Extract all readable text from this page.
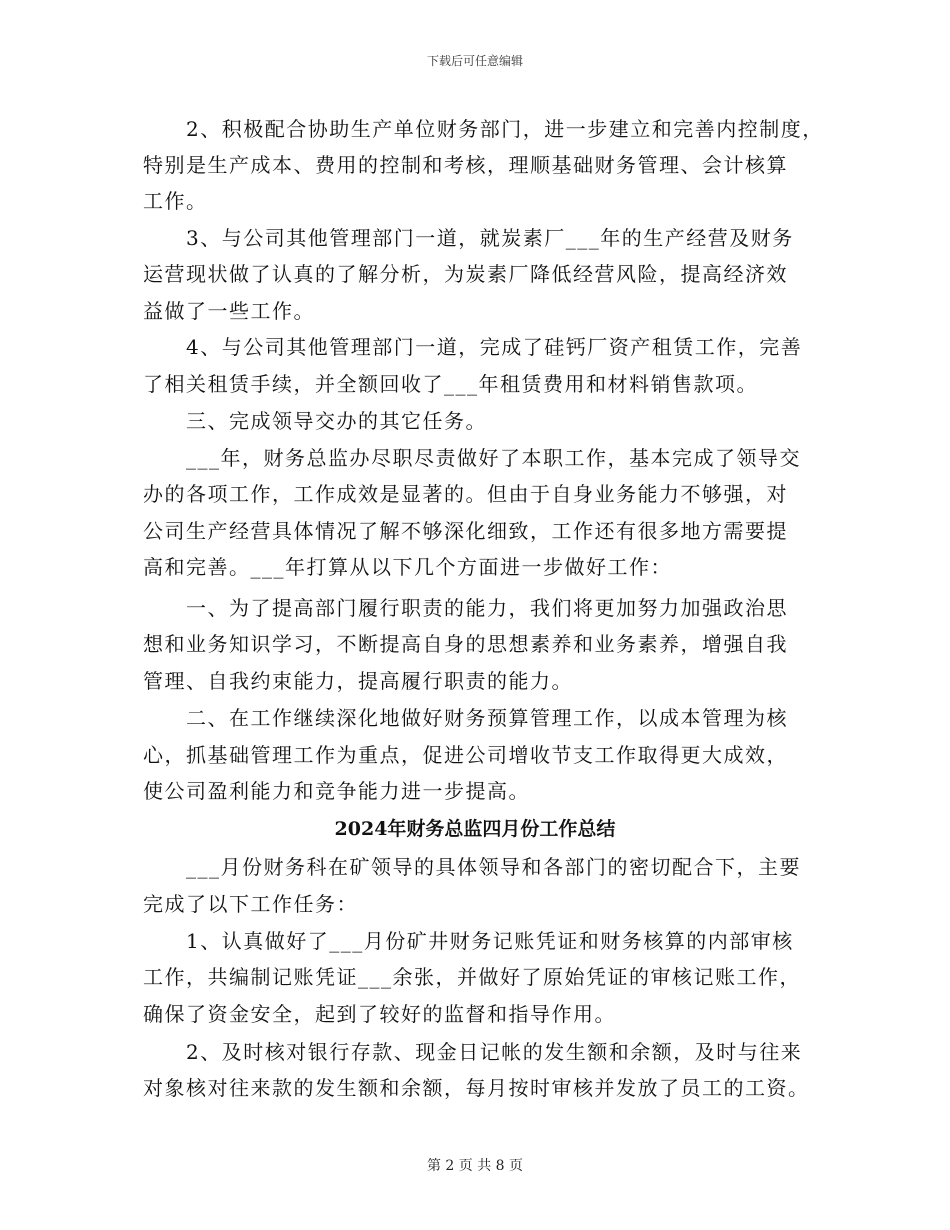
下载后可任意编辑
2、积极配合协助生产单位财务部门，进一步建立和完善内控制度，
特别是生产成本、费用的控制和考核，理顺基础财务管理、会计核算
工作。
3、与公司其他管理部门一道，就炭素厂___年的生产经营及财务
运营现状做了认真的了解分析，为炭素厂降低经营风险，提高经济效
益做了一些工作。
4、与公司其他管理部门一道，完成了硅钙厂资产租赁工作，完善
了相关租赁手续，并全额回收了___年租赁费用和材料销售款项。
三、完成领导交办的其它任务。
___年，财务总监办尽职尽责做好了本职工作，基本完成了领导交
办的各项工作，工作成效是显著的。但由于自身业务能力不够强，对
公司生产经营具体情况了解不够深化细致，工作还有很多地方需要提
高和完善。___年打算从以下几个方面进一步做好工作：
一、为了提高部门履行职责的能力，我们将更加努力加强政治思
想和业务知识学习，不断提高自身的思想素养和业务素养，增强自我
管理、自我约束能力，提高履行职责的能力。
二、在工作继续深化地做好财务预算管理工作，以成本管理为核
心，抓基础管理工作为重点，促进公司增收节支工作取得更大成效，
使公司盈利能力和竞争能力进一步提高。
2024年财务总监四月份工作总结
___月份财务科在矿领导的具体领导和各部门的密切配合下，主要
完成了以下工作任务：
1、认真做好了___月份矿井财务记账凭证和财务核算的内部审核
工作，共编制记账凭证___余张，并做好了原始凭证的审核记账工作，
确保了资金安全，起到了较好的监督和指导作用。
2、及时核对银行存款、现金日记帐的发生额和余额，及时与往来
对象核对往来款的发生额和余额，每月按时审核并发放了员工的工资。
第 2 页 共 8 页
